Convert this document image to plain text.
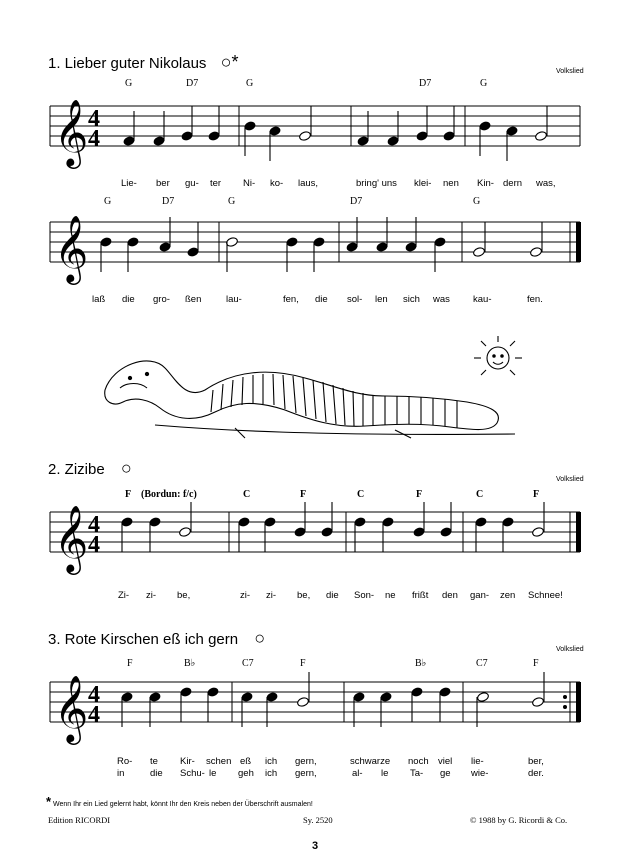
1. Lieber guter Nikolaus ○*	Volkslied
G	D7	G	D7	G
𝄞 4
4
Lie- ber gu- ter Ni- ko- laus,	bring' uns klei- nen Kin- dern was,
G	D7	G	D7	G
𝄞
laß die gro- ßen	lau-	fen, die sol- len sich was kau-	fen.
2. Zizibe ○
Volkslied
F (Bordun: f/c)	C	F	C	F	C	F
𝄞 4
4
Zi- zi- be,	zi- zi- be, die Son- ne frißt den gan- zen Schnee!
3. Rote Kirschen eß ich gern ○
Volkslied
F	B♭	C7	F	B♭	C7	F
𝄞 4
4
Ro- te Kir- schen eß ich gern,	schwarze noch viel lie-	ber,
in	die Schu- le geh ich gern,	al- le Ta- ge wie-	der.
* Wenn Ihr ein Lied gelernt habt, könnt Ihr den Kreis neben der Überschrift ausmalen!
Edition RICORDI	Sy. 2520	© 1988 by G. Ricordi & Co.
3
